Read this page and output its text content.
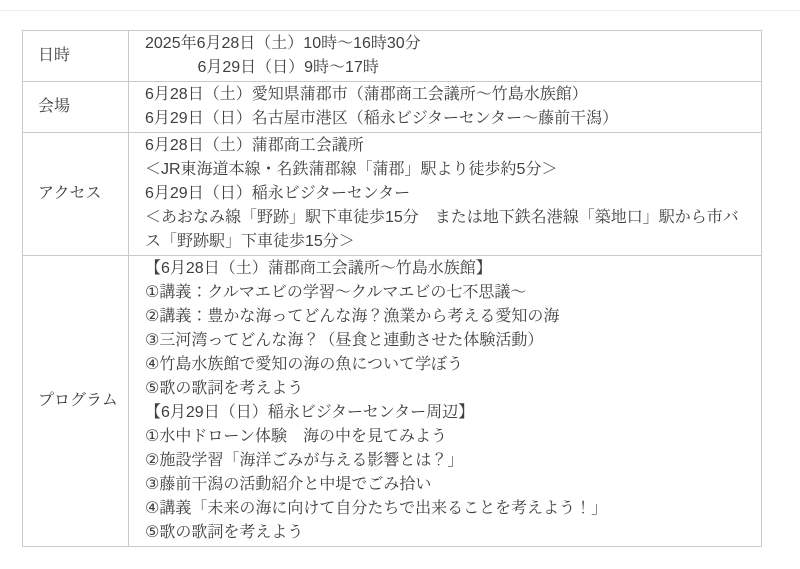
日時	2025年6月28日（土）10時～16時30分
　　　 6月29日（日）9時～17時

会場	6月28日（土）愛知県蒲郡市（蒲郡商工会議所～竹島水族館）
6月29日（日）名古屋市港区（稲永ビジターセンター～藤前干潟）

アクセス	6月28日（土）蒲郡商工会議所
＜JR東海道本線・名鉄蒲郡線「蒲郡」駅より徒歩約5分＞
6月29日（日）稲永ビジターセンター
＜あおなみ線「野跡」駅下車徒歩15分　または地下鉄名港線「築地口」駅から市バス「野跡駅」下車徒歩15分＞

プログラム	
【6月28日（土）蒲郡商工会議所～竹島水族館】
①講義：クルマエビの学習～クルマエビの七不思議～
②講義：豊かな海ってどんな海？漁業から考える愛知の海
③三河湾ってどんな海？（昼食と連動させた体験活動）
④竹島水族館で愛知の海の魚について学ぼう
⑤歌の歌詞を考えよう
【6月29日（日）稲永ビジターセンター周辺】
①水中ドローン体験　海の中を見てみよう
②施設学習「海洋ごみが与える影響とは？」
③藤前干潟の活動紹介と中堤でごみ拾い
④講義「未来の海に向けて自分たちで出来ることを考えよう！」
⑤歌の歌詞を考えよう
